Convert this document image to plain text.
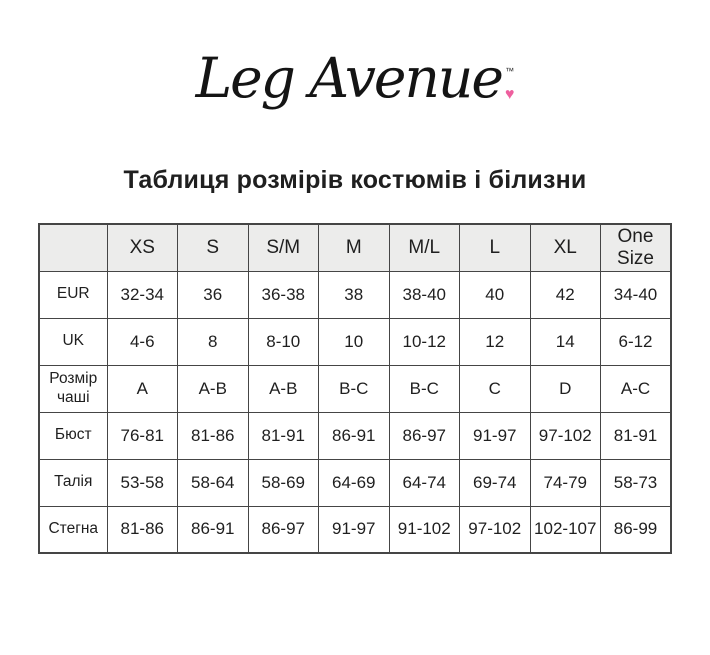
Leg Avenue ™
♥
Таблиця розмірів костюмів і білизни
	XS	S	S/M	M	M/L	L	XL	One Size
EUR	32-34	36	36-38	38	38-40	40	42	34-40
UK	4-6	8	8-10	10	10-12	12	14	6-12
Розмір чаші	A	A-B	A-B	B-C	B-C	C	D	A-C
Бюст	76-81	81-86	81-91	86-91	86-97	91-97	97-102	81-91
Талія	53-58	58-64	58-69	64-69	64-74	69-74	74-79	58-73
Стегна	81-86	86-91	86-97	91-97	91-102	97-102	102-107	86-99
